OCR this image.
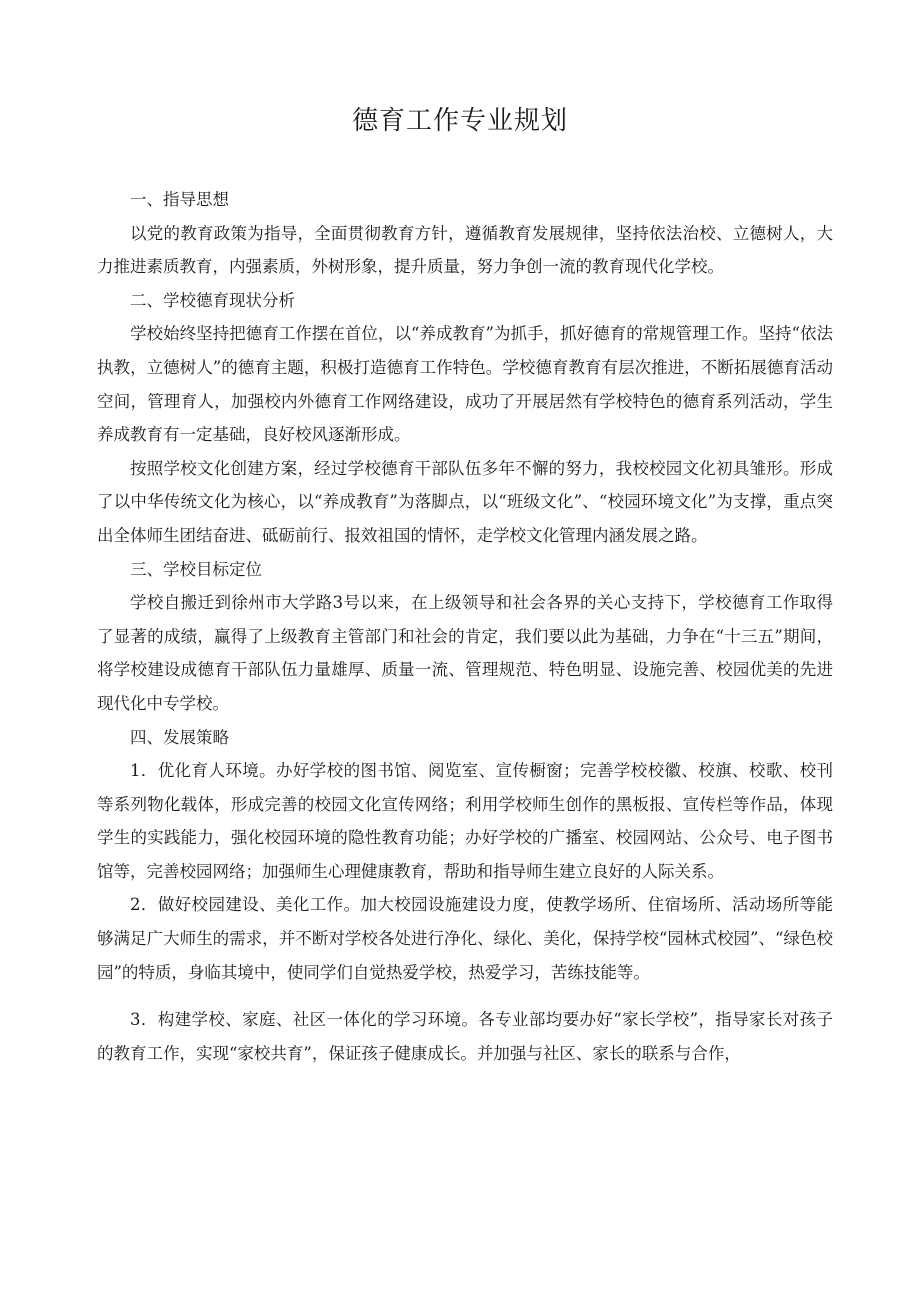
德育工作专业规划

一、指导思想

以党的教育政策为指导，全面贯彻教育方针，遵循教育发展规律，坚持依法治校、立德树人，大力推进素质教育，内强素质，外树形象，提升质量，努力争创一流的教育现代化学校。

二、学校德育现状分析

学校始终坚持把德育工作摆在首位，以“养成教育”为抓手，抓好德育的常规管理工作。坚持“依法执教，立德树人”的德育主题，积极打造德育工作特色。学校德育教育有层次推进，不断拓展德育活动空间，管理育人，加强校内外德育工作网络建设，成功了开展居然有学校特色的德育系列活动，学生养成教育有一定基础，良好校风逐渐形成。

按照学校文化创建方案，经过学校德育干部队伍多年不懈的努力，我校校园文化初具雏形。形成了以中华传统文化为核心，以“养成教育”为落脚点，以“班级文化”、“校园环境文化”为支撑，重点突出全体师生团结奋进、砥砺前行、报效祖国的情怀，走学校文化管理内涵发展之路。

三、学校目标定位

学校自搬迁到徐州市大学路3号以来，在上级领导和社会各界的关心支持下，学校德育工作取得了显著的成绩，赢得了上级教育主管部门和社会的肯定，我们要以此为基础，力争在“十三五”期间，将学校建设成德育干部队伍力量雄厚、质量一流、管理规范、特色明显、设施完善、校园优美的先进现代化中专学校。

四、发展策略

1．优化育人环境。办好学校的图书馆、阅览室、宣传橱窗；完善学校校徽、校旗、校歌、校刊等系列物化载体，形成完善的校园文化宣传网络；利用学校师生创作的黑板报、宣传栏等作品，体现学生的实践能力，强化校园环境的隐性教育功能；办好学校的广播室、校园网站、公众号、电子图书馆等，完善校园网络；加强师生心理健康教育，帮助和指导师生建立良好的人际关系。

2．做好校园建设、美化工作。加大校园设施建设力度，使教学场所、住宿场所、活动场所等能够满足广大师生的需求，并不断对学校各处进行净化、绿化、美化，保持学校“园林式校园”、“绿色校园”的特质，身临其境中，使同学们自觉热爱学校，热爱学习，苦练技能等。

3．构建学校、家庭、社区一体化的学习环境。各专业部均要办好“家长学校”，指导家长对孩子的教育工作，实现“家校共育”，保证孩子健康成长。并加强与社区、家长的联系与合作，
